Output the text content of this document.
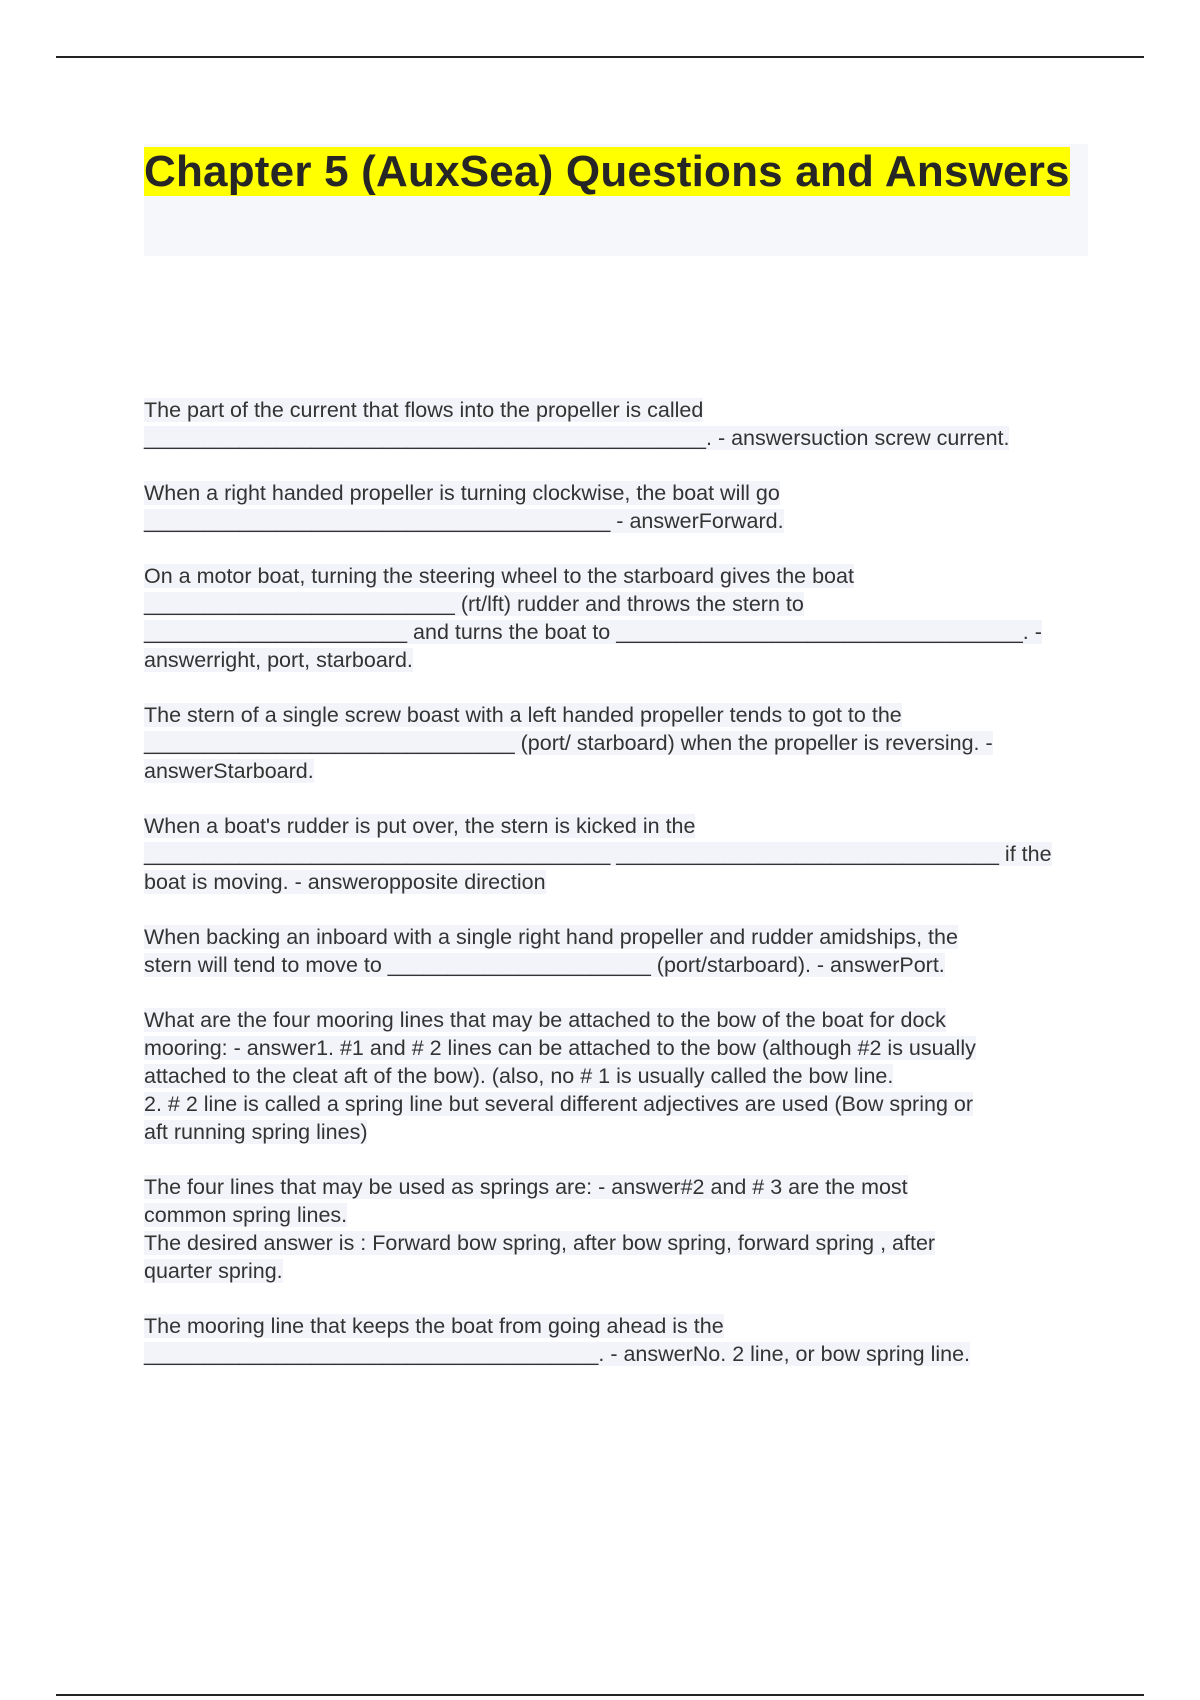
Chapter 5 (AuxSea) Questions and Answers

The part of the current that flows into the propeller is called
_______________________________________________. - answersuction screw current.

When a right handed propeller is turning clockwise, the boat will go
_______________________________________ - answerForward.

On a motor boat, turning the steering wheel to the starboard gives the boat
__________________________ (rt/lft) rudder and throws the stern to
______________________ and turns the boat to __________________________________. -
answerright, port, starboard.

The stern of a single screw boast with a left handed propeller tends to got to the
_______________________________ (port/ starboard) when the propeller is reversing. -
answerStarboard.

When a boat's rudder is put over, the stern is kicked in the
_______________________________________ ________________________________ if the
boat is moving. - answeropposite direction

When backing an inboard with a single right hand propeller and rudder amidships, the
stern will tend to move to ______________________ (port/starboard). - answerPort.

What are the four mooring lines that may be attached to the bow of the boat for dock
mooring: - answer1. #1 and # 2 lines can be attached to the bow (although #2 is usually
attached to the cleat aft of the bow). (also, no # 1 is usually called the bow line.
2. # 2 line is called a spring line but several different adjectives are used (Bow spring or
aft running spring lines)

The four lines that may be used as springs are: - answer#2 and # 3 are the most
common spring lines.
The desired answer is : Forward bow spring, after bow spring, forward spring , after
quarter spring.

The mooring line that keeps the boat from going ahead is the
______________________________________. - answerNo. 2 line, or bow spring line.
